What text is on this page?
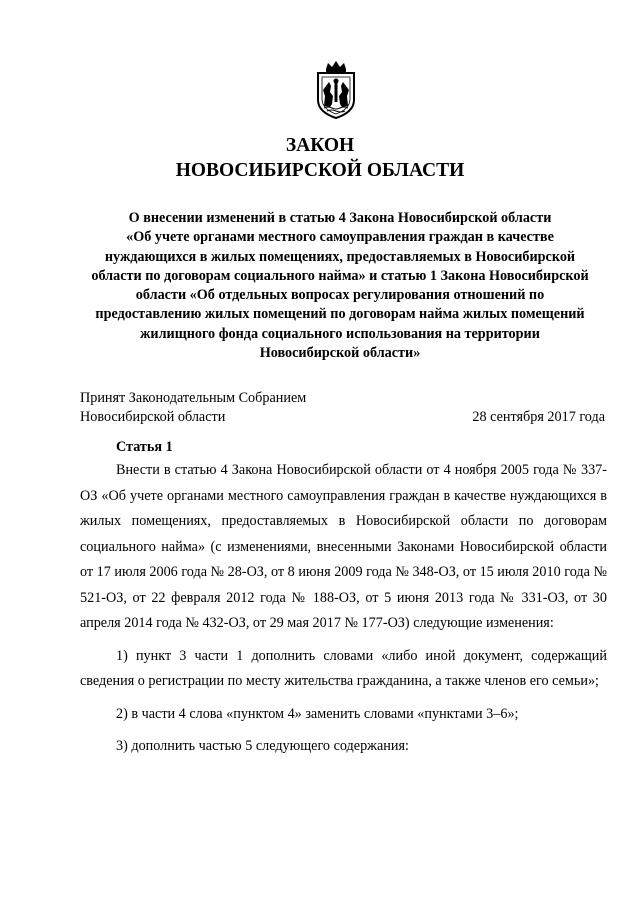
ЗАКОН
НОВОСИБИРСКОЙ ОБЛАСТИ
О внесении изменений в статью 4 Закона Новосибирской области
«Об учете органами местного самоуправления граждан в качестве
нуждающихся в жилых помещениях, предоставляемых в Новосибирской
области по договорам социального найма» и статью 1 Закона Новосибирской
области «Об отдельных вопросах регулирования отношений по
предоставлению жилых помещений по договорам найма жилых помещений
жилищного фонда социального использования на территории
Новосибирской области»
Принят Законодательным Собранием
Новосибирской области	28 сентября 2017 года
Статья 1

Внести в статью 4 Закона Новосибирской области от 4 ноября 2005 года № 337-ОЗ «Об учете органами местного самоуправления граждан в качестве нуждающихся в жилых помещениях, предоставляемых в Новосибирской области по договорам социального найма» (с изменениями, внесенными Законами Новосибирской области от 17 июля 2006 года № 28-ОЗ, от 8 июня 2009 года № 348-ОЗ, от 15 июля 2010 года № 521-ОЗ, от 22 февраля 2012 года № 188-ОЗ, от 5 июня 2013 года № 331-ОЗ, от 30 апреля 2014 года № 432-ОЗ, от 29 мая 2017 № 177-ОЗ) следующие изменения:

1) пункт 3 части 1 дополнить словами «либо иной документ, содержащий сведения о регистрации по месту жительства гражданина, а также членов его семьи»;

2) в части 4 слова «пунктом 4» заменить словами «пунктами 3–6»;

3) дополнить частью 5 следующего содержания:
